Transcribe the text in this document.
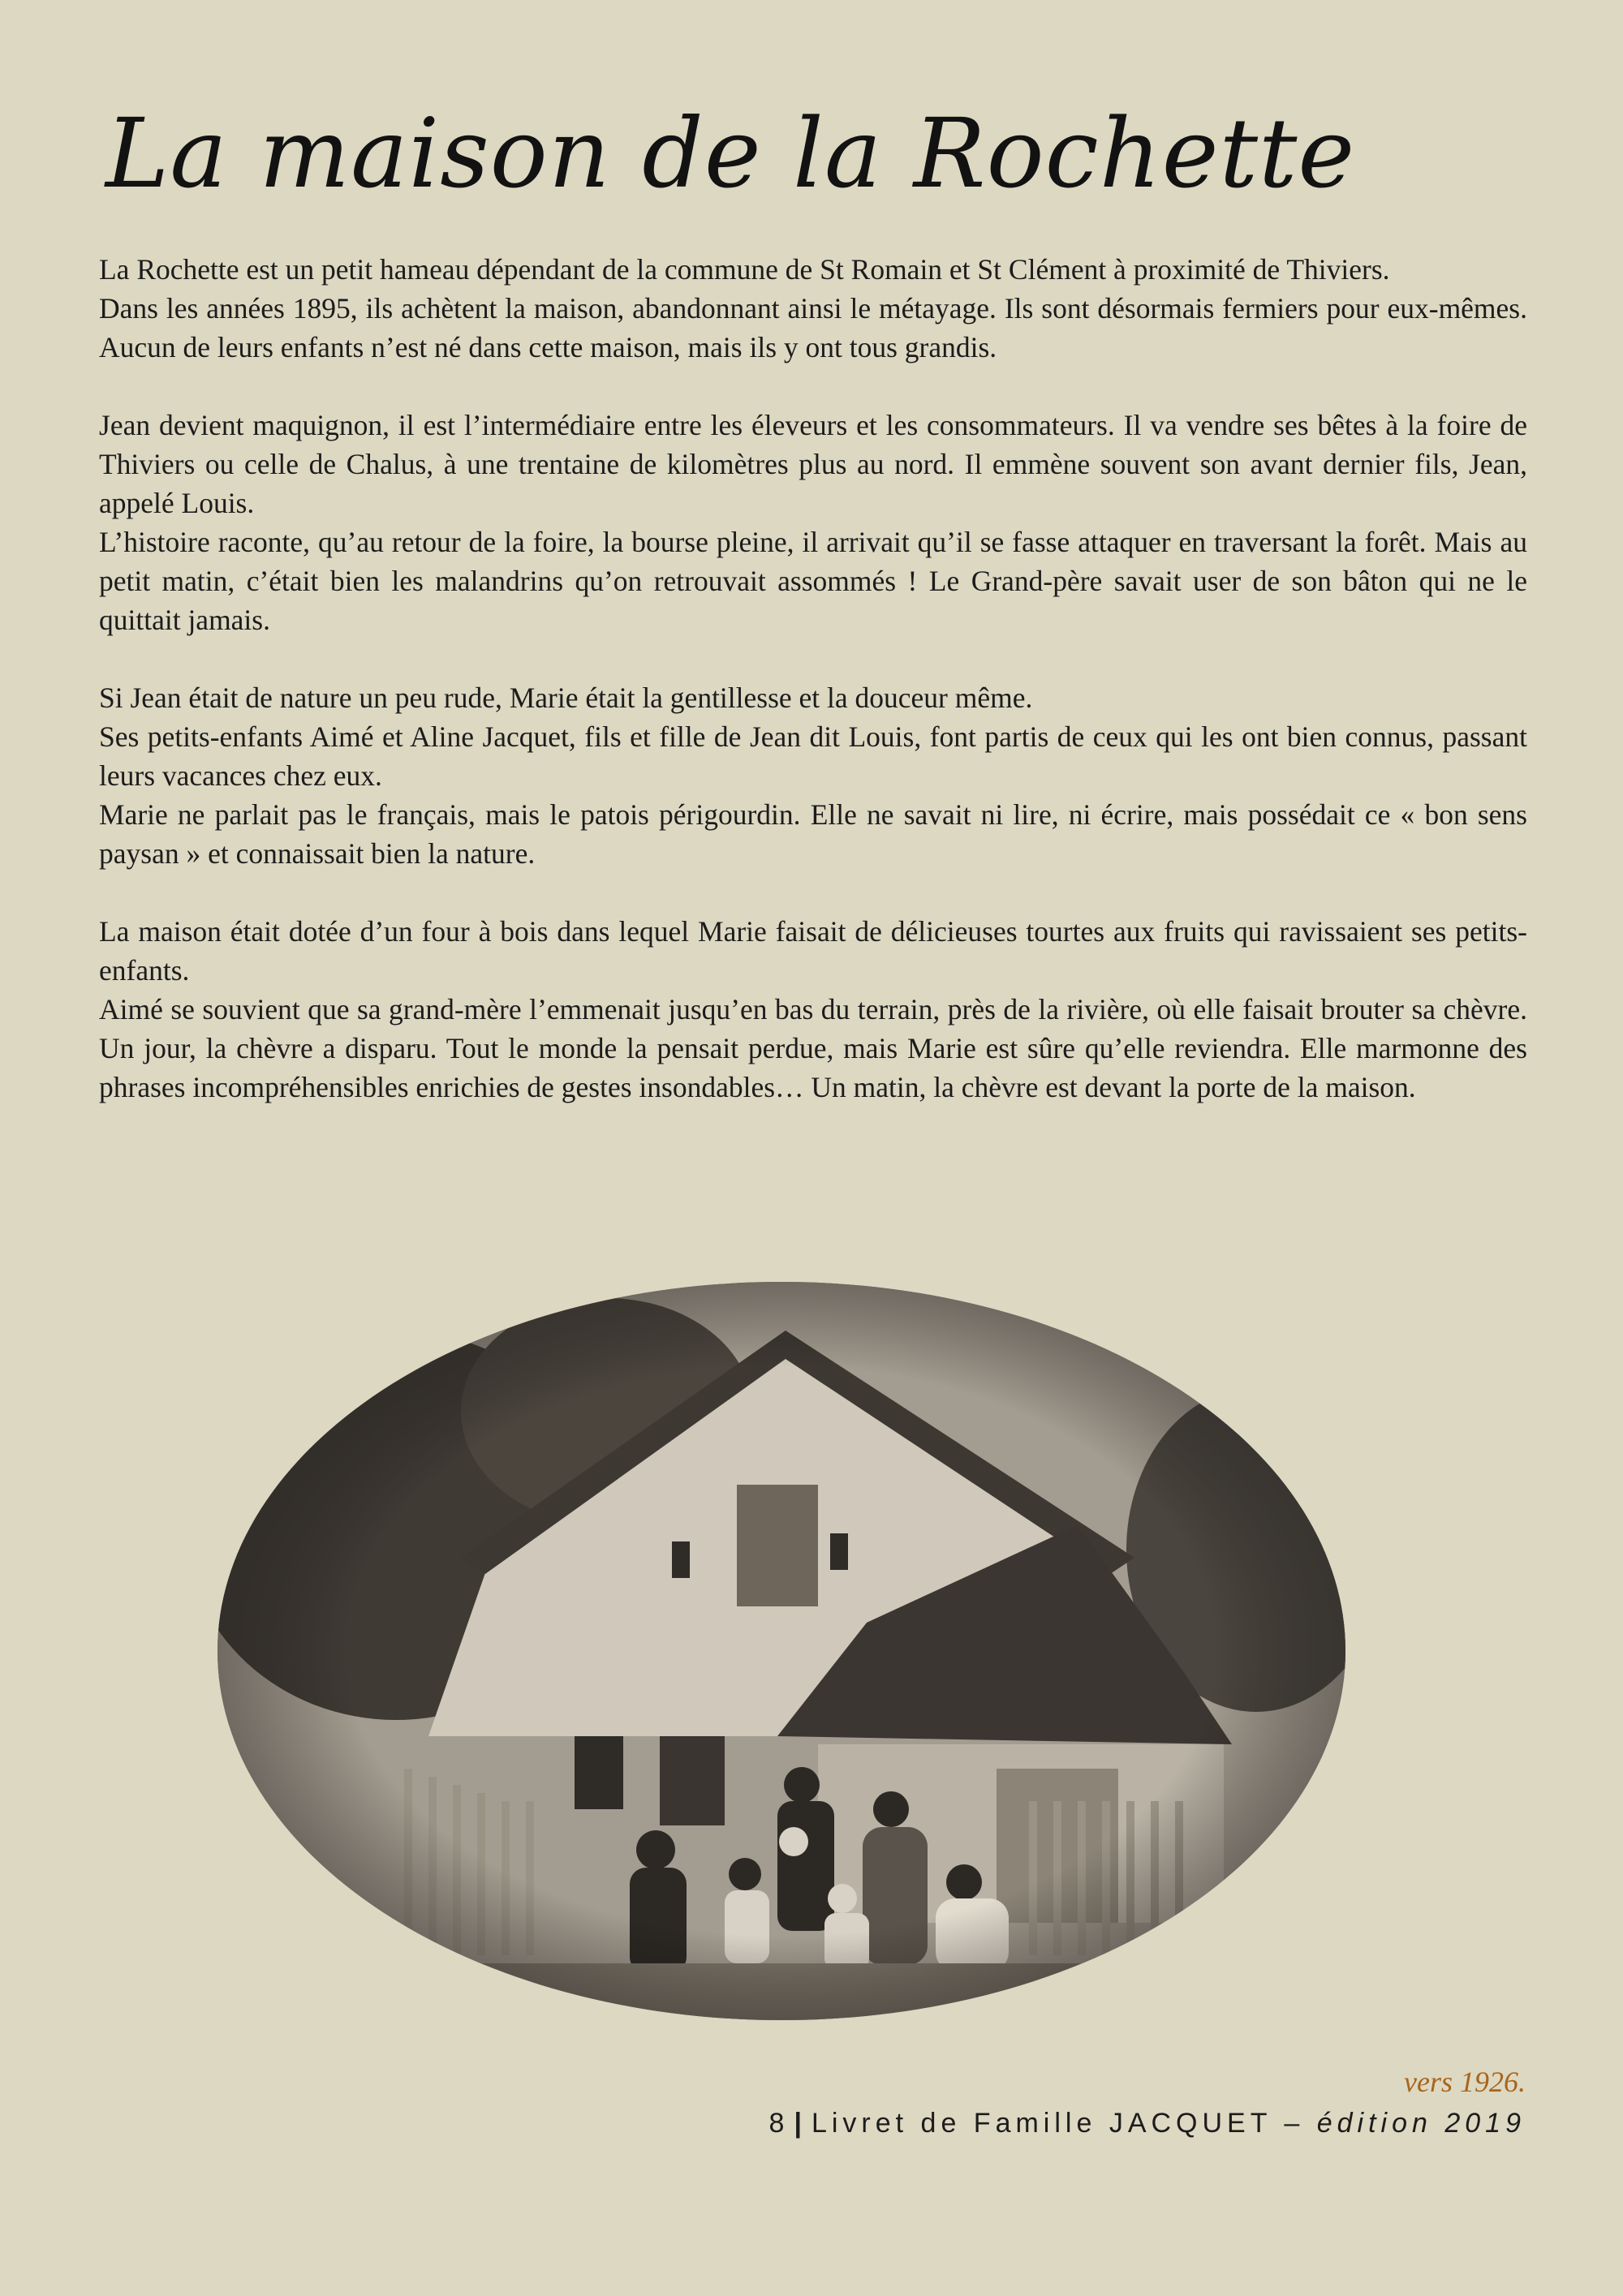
La maison de la Rochette

La Rochette est un petit hameau dépendant de la commune de St Romain et St Clément à proximité de Thiviers.
Dans les années 1895, ils achètent la maison, abandonnant ainsi le métayage. Ils sont désormais fermiers pour eux-mêmes. Aucun de leurs enfants n’est né dans cette maison, mais ils y ont tous grandis.

Jean devient maquignon, il est l’intermédiaire entre les éleveurs et les consommateurs. Il va vendre ses bêtes à la foire de Thiviers ou celle de Chalus, à une trentaine de kilomètres plus au nord. Il emmène souvent son avant dernier fils, Jean, appelé Louis.
L’histoire raconte, qu’au retour de la foire, la bourse pleine, il arrivait qu’il se fasse attaquer en traversant la forêt. Mais au petit matin, c’était bien les malandrins qu’on retrouvait assommés ! Le Grand-père savait user de son bâton qui ne le quittait jamais.

Si Jean était de nature un peu rude, Marie était la gentillesse et la douceur même.
Ses petits-enfants Aimé et Aline Jacquet, fils et fille de Jean dit Louis, font partis de ceux qui les ont bien connus, passant leurs vacances chez eux.
Marie ne parlait pas le français, mais le patois périgourdin. Elle ne savait ni lire, ni écrire, mais possédait ce « bon sens paysan » et connaissait bien la nature.

La maison était dotée d’un four à bois dans lequel Marie faisait de délicieuses tourtes aux fruits qui ravissaient ses petits-enfants.
Aimé se souvient que sa grand-mère l’emmenait jusqu’en bas du terrain, près de la rivière, où elle faisait brouter sa chèvre. Un jour, la chèvre a disparu. Tout le monde la pensait perdue, mais Marie est sûre qu’elle reviendra. Elle marmonne des phrases incompréhensibles enrichies de gestes insondables… Un matin, la chèvre est devant la porte de la maison.

vers 1926.
8 | Livret de Famille JACQUET – édition 2019
